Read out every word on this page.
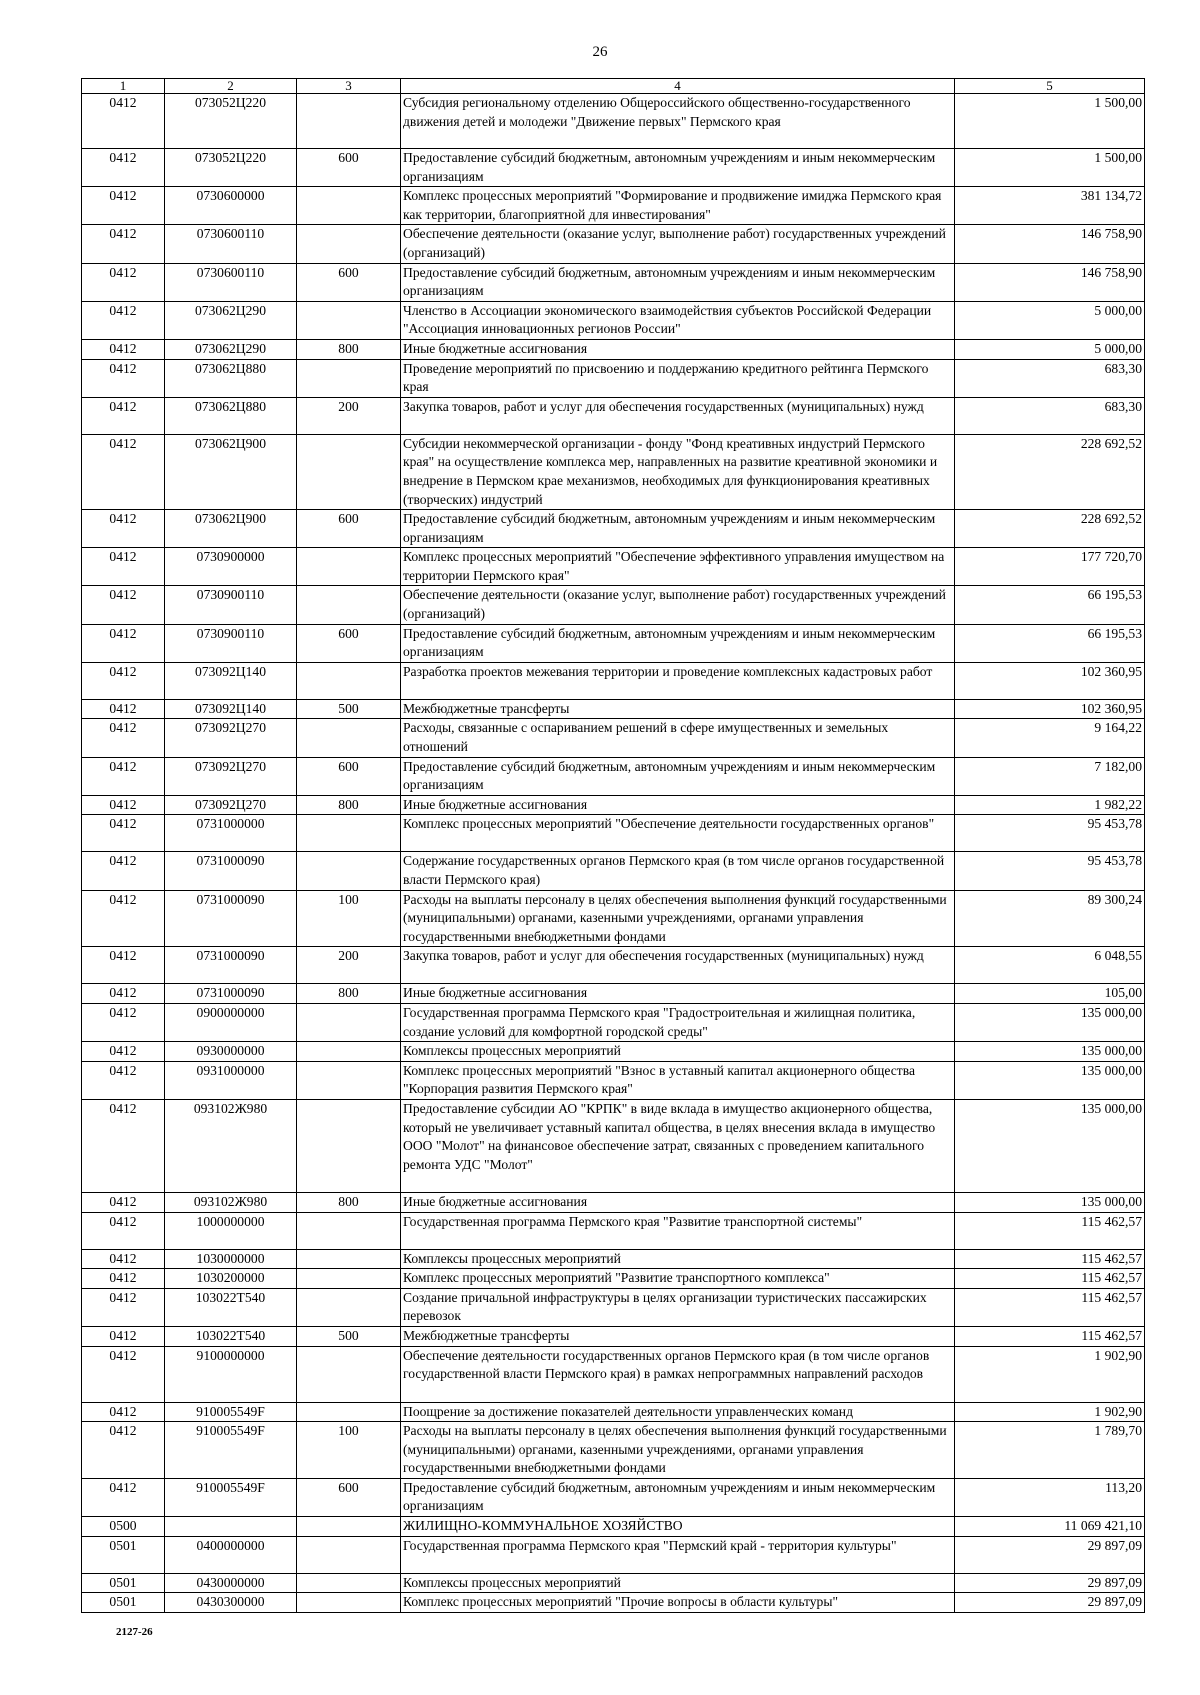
26
1	2	3	4	5
0412	073052Ц220		Субсидия региональному отделению Общероссийского общественно-государственного движения детей и молодежи "Движение первых" Пермского края	1 500,00
0412	073052Ц220	600	Предоставление субсидий бюджетным, автономным учреждениям и иным некоммерческим организациям	1 500,00
0412	0730600000		Комплекс процессных мероприятий "Формирование и продвижение имиджа Пермского края как территории, благоприятной для инвестирования"	381 134,72
0412	0730600110		Обеспечение деятельности (оказание услуг, выполнение работ) государственных учреждений (организаций)	146 758,90
0412	0730600110	600	Предоставление субсидий бюджетным, автономным учреждениям и иным некоммерческим организациям	146 758,90
0412	073062Ц290		Членство в Ассоциации экономического взаимодействия субъектов Российской Федерации "Ассоциация инновационных регионов России"	5 000,00
0412	073062Ц290	800	Иные бюджетные ассигнования	5 000,00
0412	073062Ц880		Проведение мероприятий по присвоению и поддержанию кредитного рейтинга Пермского края	683,30
0412	073062Ц880	200	Закупка товаров, работ и услуг для обеспечения государственных (муниципальных) нужд	683,30
0412	073062Ц900		Субсидии некоммерческой организации - фонду "Фонд креативных индустрий Пермского края" на осуществление комплекса мер, направленных на развитие креативной экономики и внедрение в Пермском крае механизмов, необходимых для функционирования креативных (творческих) индустрий	228 692,52
0412	073062Ц900	600	Предоставление субсидий бюджетным, автономным учреждениям и иным некоммерческим организациям	228 692,52
0412	0730900000		Комплекс процессных мероприятий "Обеспечение эффективного управления имуществом на территории Пермского края"	177 720,70
0412	0730900110		Обеспечение деятельности (оказание услуг, выполнение работ) государственных учреждений (организаций)	66 195,53
0412	0730900110	600	Предоставление субсидий бюджетным, автономным учреждениям и иным некоммерческим организациям	66 195,53
0412	073092Ц140		Разработка проектов межевания территории и проведение комплексных кадастровых работ	102 360,95
0412	073092Ц140	500	Межбюджетные трансферты	102 360,95
0412	073092Ц270		Расходы, связанные с оспариванием решений в сфере имущественных и земельных отношений	9 164,22
0412	073092Ц270	600	Предоставление субсидий бюджетным, автономным учреждениям и иным некоммерческим организациям	7 182,00
0412	073092Ц270	800	Иные бюджетные ассигнования	1 982,22
0412	0731000000		Комплекс процессных мероприятий "Обеспечение деятельности государственных органов"	95 453,78
0412	0731000090		Содержание государственных органов Пермского края (в том числе органов государственной власти Пермского края)	95 453,78
0412	0731000090	100	Расходы на выплаты персоналу в целях обеспечения выполнения функций государственными (муниципальными) органами, казенными учреждениями, органами управления государственными внебюджетными фондами	89 300,24
0412	0731000090	200	Закупка товаров, работ и услуг для обеспечения государственных (муниципальных) нужд	6 048,55
0412	0731000090	800	Иные бюджетные ассигнования	105,00
0412	0900000000		Государственная программа Пермского края "Градостроительная и жилищная политика, создание условий для комфортной городской среды"	135 000,00
0412	0930000000		Комплексы процессных мероприятий	135 000,00
0412	0931000000		Комплекс процессных мероприятий "Взнос в уставный капитал акционерного общества "Корпорация развития Пермского края"	135 000,00
0412	093102Ж980		Предоставление субсидии АО "КРПК" в виде вклада в имущество акционерного общества, который не увеличивает уставный капитал общества, в целях внесения вклада в имущество ООО "Молот" на финансовое обеспечение затрат, связанных с проведением капитального ремонта УДС "Молот"	135 000,00
0412	093102Ж980	800	Иные бюджетные ассигнования	135 000,00
0412	1000000000		Государственная программа Пермского края "Развитие транспортной системы"	115 462,57
0412	1030000000		Комплексы процессных мероприятий	115 462,57
0412	1030200000		Комплекс процессных мероприятий "Развитие транспортного комплекса"	115 462,57
0412	103022Т540		Создание причальной инфраструктуры в целях организации туристических пассажирских перевозок	115 462,57
0412	103022Т540	500	Межбюджетные трансферты	115 462,57
0412	9100000000		Обеспечение деятельности государственных органов Пермского края (в том числе органов государственной власти Пермского края) в рамках непрограммных направлений расходов	1 902,90
0412	910005549F		Поощрение за достижение показателей деятельности управленческих команд	1 902,90
0412	910005549F	100	Расходы на выплаты персоналу в целях обеспечения выполнения функций государственными (муниципальными) органами, казенными учреждениями, органами управления государственными внебюджетными фондами	1 789,70
0412	910005549F	600	Предоставление субсидий бюджетным, автономным учреждениям и иным некоммерческим организациям	113,20
0500			ЖИЛИЩНО-КОММУНАЛЬНОЕ ХОЗЯЙСТВО	11 069 421,10
0501	0400000000		Государственная программа Пермского края "Пермский край - территория культуры"	29 897,09
0501	0430000000		Комплексы процессных мероприятий	29 897,09
0501	0430300000		Комплекс процессных мероприятий "Прочие вопросы в области культуры"	29 897,09
2127-26
